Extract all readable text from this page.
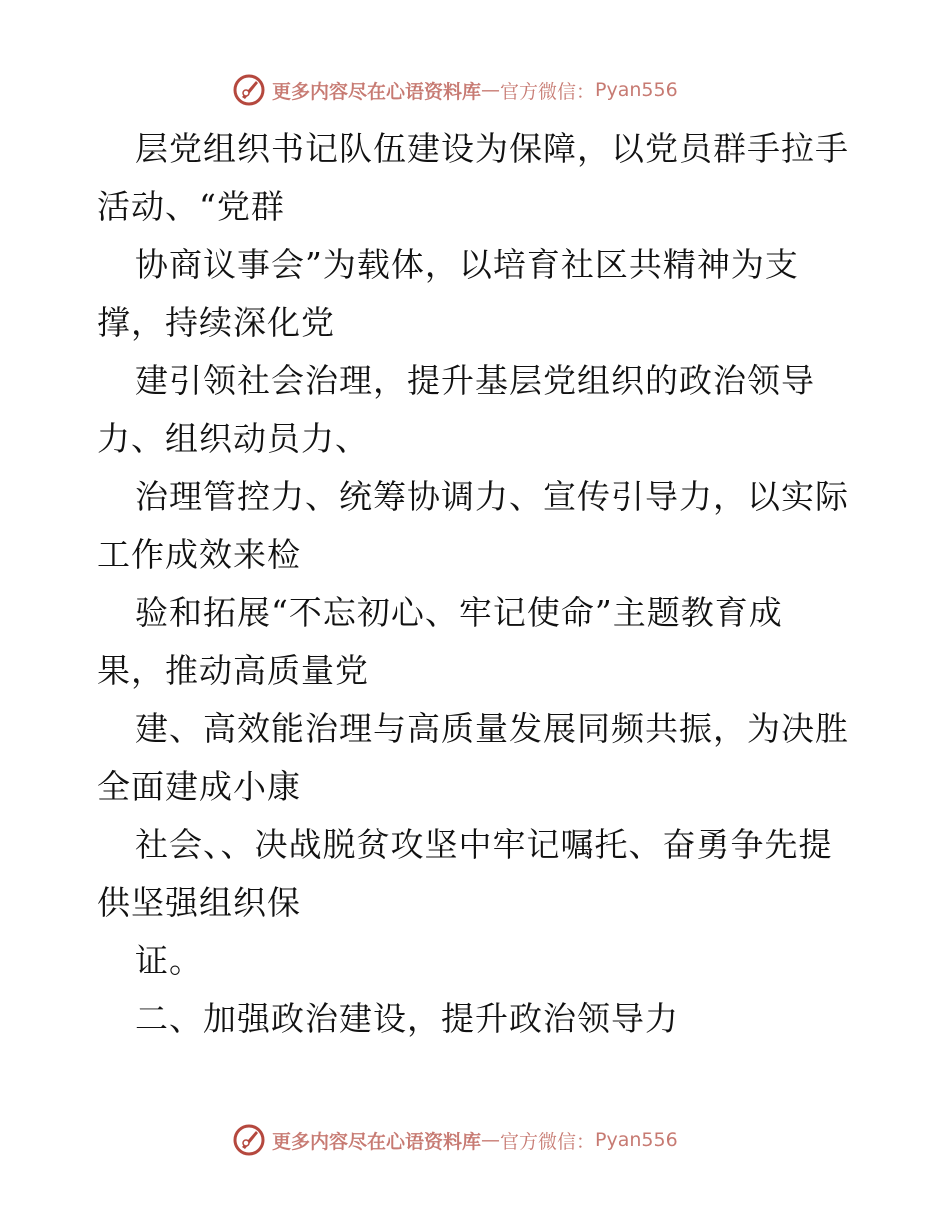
更多内容尽在心语资料库 — 官方微信： Pyan556
层党组织书记队伍建设为保障，以党员群手拉手
活动、“党群
协商议事会”为载体，以培育社区共精神为支
撑，持续深化党
建引领社会治理，提升基层党组织的政治领导
力、组织动员力、
治理管控力、统筹协调力、宣传引导力，以实际
工作成效来检
验和拓展“不忘初心、牢记使命”主题教育成
果，推动高质量党
建、高效能治理与高质量发展同频共振，为决胜
全面建成小康
社会、、决战脱贫攻坚中牢记嘱托、奋勇争先提
供坚强组织保
证。
二、加强政治建设，提升政治领导力
更多内容尽在心语资料库 — 官方微信： Pyan556
